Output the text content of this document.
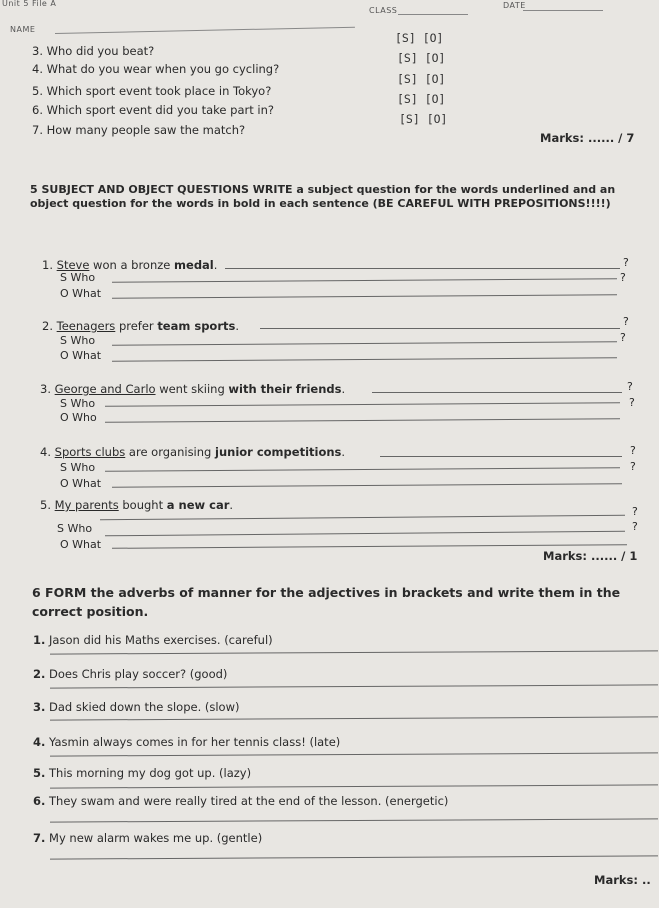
Unit 5 File A
CLASS
DATE
NAME
3. Who did you beat?
[S] [O]
4. What do you wear when you go cycling?
[S] [O]
5. Which sport event took place in Tokyo?
[S] [O]
6. Which sport event did you take part in?
[S] [O]
7. How many people saw the match?
[S] [O]
Marks: ...... / 7
5 SUBJECT AND OBJECT QUESTIONS WRITE a subject question for the words underlined and an object question for the words in bold in each sentence (BE CAREFUL WITH PREPOSITIONS!!!!)
1. Steve won a bronze medal.	?
S Who	?
O What
2. Teenagers prefer team sports.	?
S Who	?
O What
3. George and Carlo went skiing with their friends.	?
S Who	?
O Who
4. Sports clubs are organising junior competitions.	?
S Who	?
O What
5. My parents bought a new car.	?
S Who	?
O What
Marks: ...... / 1
6 FORM the adverbs of manner for the adjectives in brackets and write them in the correct position.
1. Jason did his Maths exercises. (careful)
2. Does Chris play soccer? (good)
3. Dad skied down the slope. (slow)
4. Yasmin always comes in for her tennis class! (late)
5. This morning my dog got up. (lazy)
6. They swam and were really tired at the end of the lesson. (energetic)
7. My new alarm wakes me up. (gentle)
Marks: ..
